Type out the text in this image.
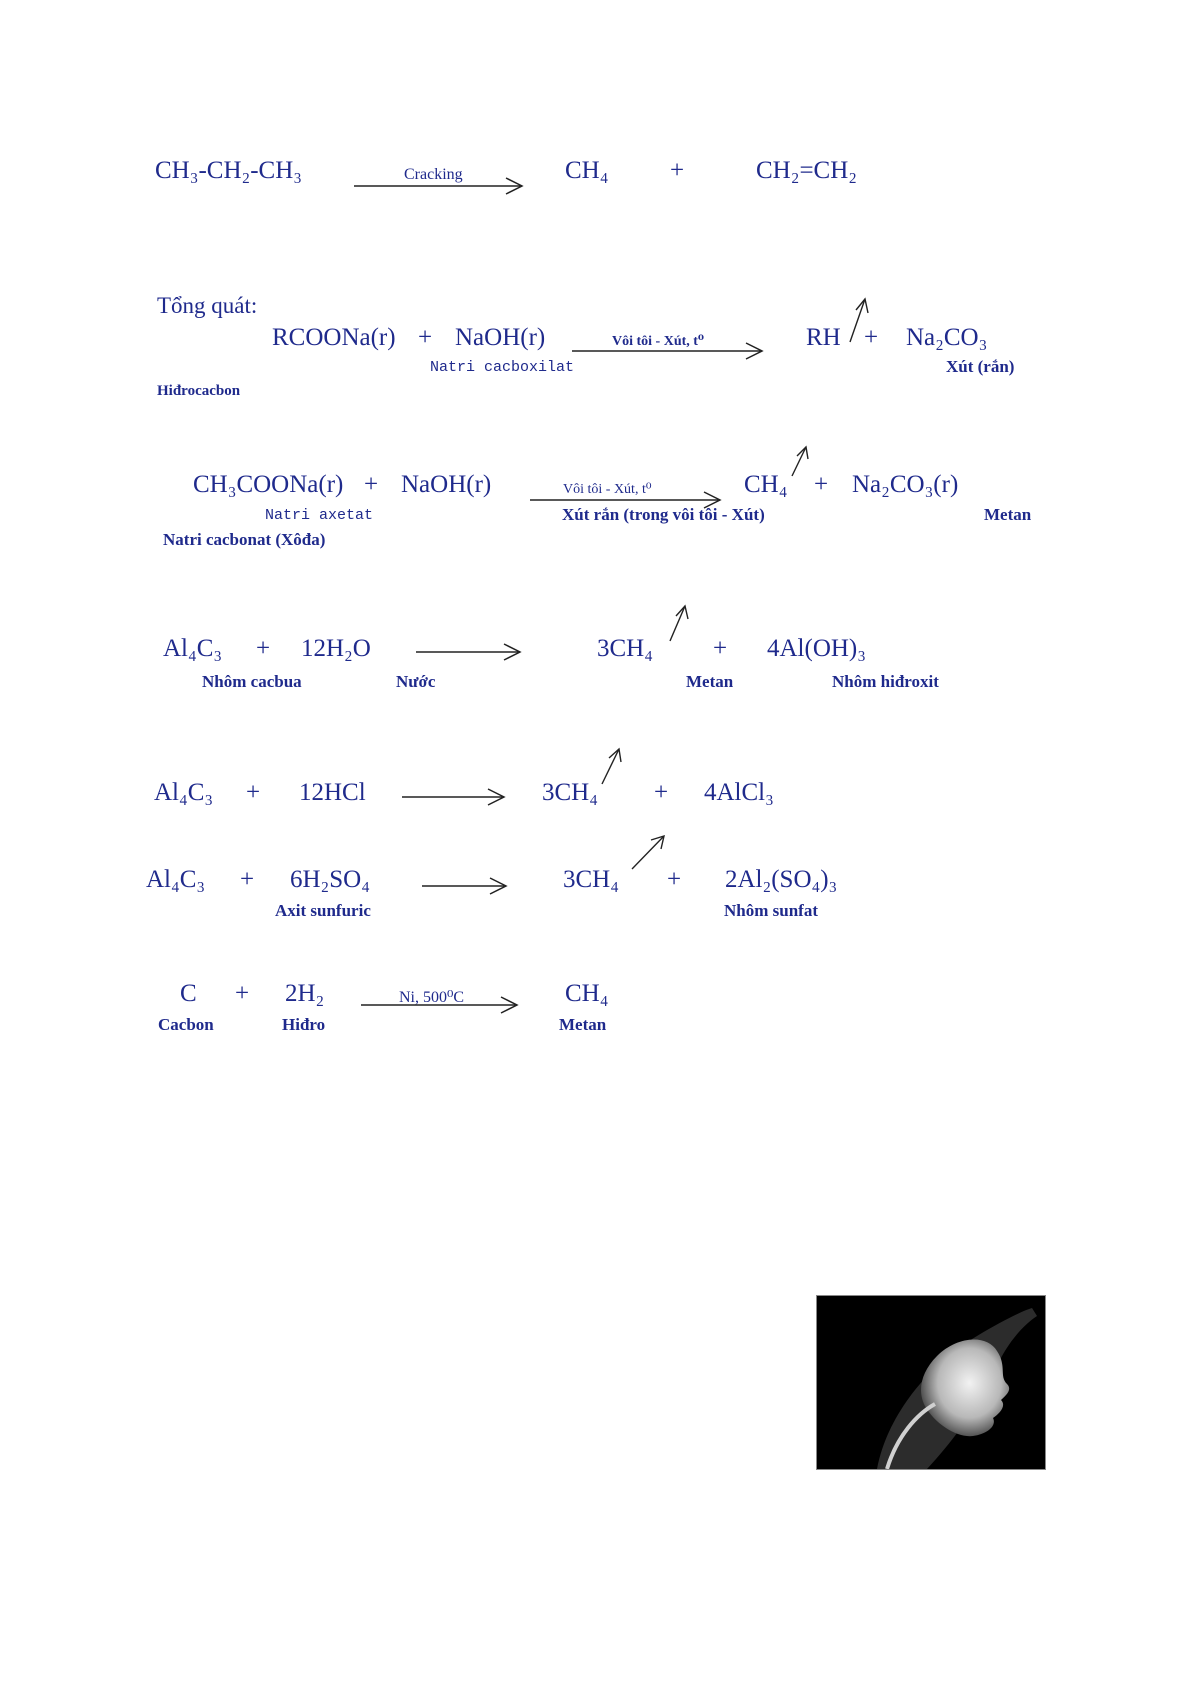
CH₃-CH₂-CH₃	Cracking	CH₄ +	CH₂=CH₂
Tổng quát:
RCOONa(r) + NaOH(r)	Vôi tôi - Xút, t⁰	RH + Na₂CO₃
Natri cacboxilat	Xút (rắn)
Hiđrocacbon
CH₃COONa(r) + NaOH(r)	Vôi tôi - Xút, t⁰
Xút rắn (trong vôi tôi - Xút)
CH₄ + Na₂CO₃(r)
Natri axetat	Metan
Natri cacbonat (Xôđa)
Al₄C₃ + 12H₂O	3CH₄ + 4Al(OH)₃
Nhôm cacbua	Nước	Metan	Nhôm hiđroxit
Al₄C₃ + 12HCl	3CH₄ + 4AlCl₃
Al₄C₃ + 6H₂SO₄	3CH₄ + 2Al₂(SO₄)₃
Axit sunfuric	Nhôm sunfat
C + 2H₂	Ni, 500⁰C	CH₄
Cacbon	Hiđro	Metan
